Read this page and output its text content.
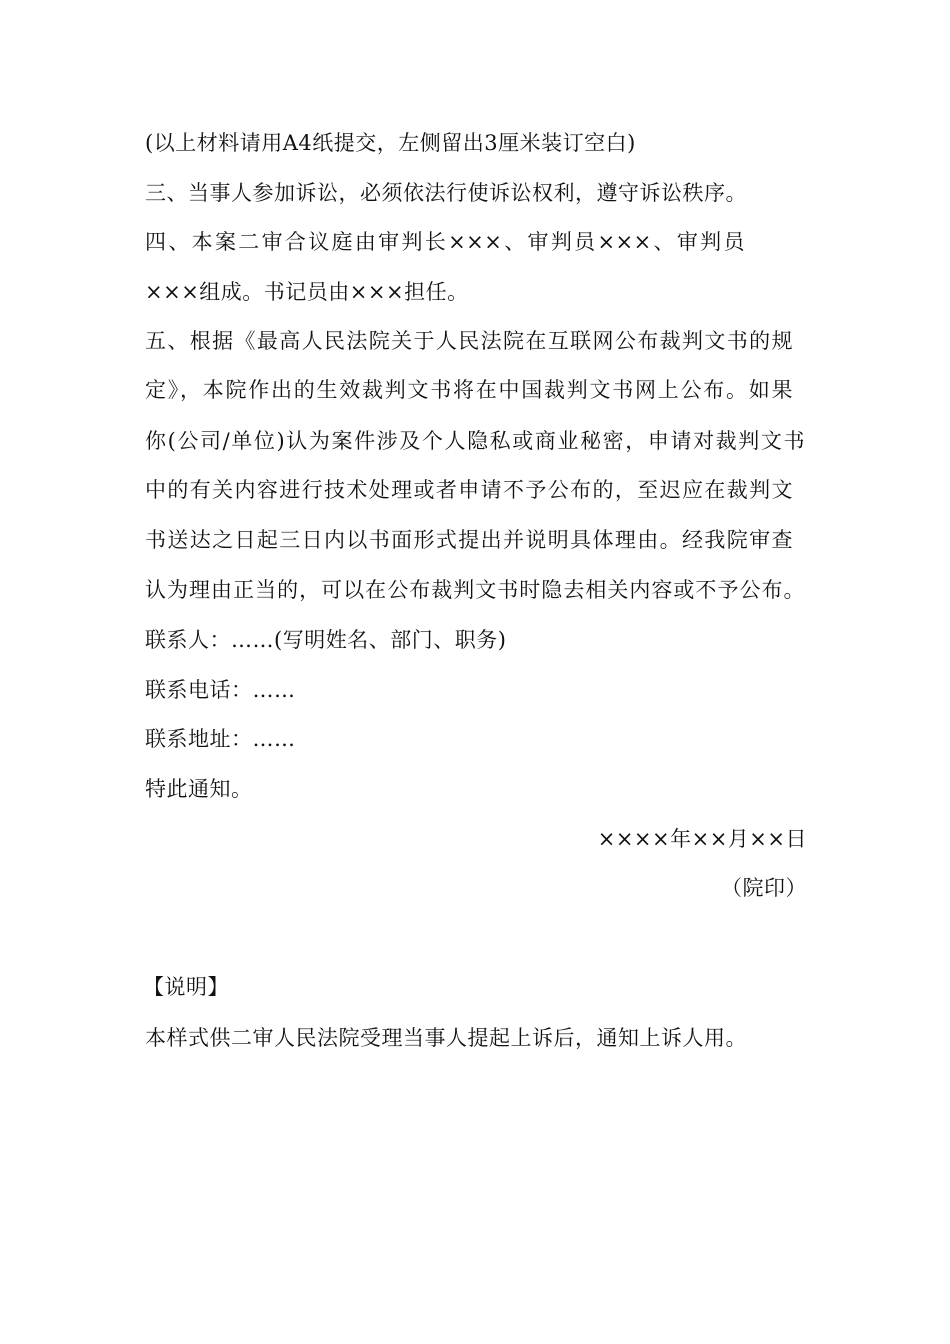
(以上材料请用A4纸提交，左侧留出3厘米装订空白)
三、当事人参加诉讼，必须依法行使诉讼权利，遵守诉讼秩序。
四、本案二审合议庭由审判长×××、审判员×××、审判员
×××组成。书记员由×××担任。
五、根据《最高人民法院关于人民法院在互联网公布裁判文书的规
定》，本院作出的生效裁判文书将在中国裁判文书网上公布。如果
你(公司/单位)认为案件涉及个人隐私或商业秘密，申请对裁判文书
中的有关内容进行技术处理或者申请不予公布的，至迟应在裁判文
书送达之日起三日内以书面形式提出并说明具体理由。经我院审查
认为理由正当的，可以在公布裁判文书时隐去相关内容或不予公布。
联系人：……(写明姓名、部门、职务)
联系电话：……
联系地址：……
特此通知。
××××年××月××日
（院印）
【说明】
本样式供二审人民法院受理当事人提起上诉后，通知上诉人用。
